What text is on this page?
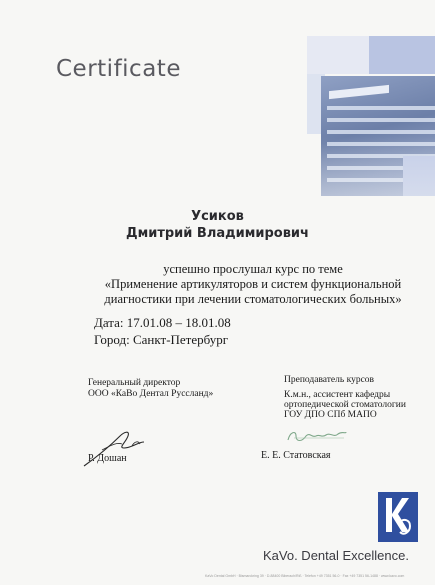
Certificate
Усиков
Дмитрий Владимирович
успешно прослушал курс по теме
«Применение артикуляторов и систем функциональной
диагностики при лечении стоматологических больных»
Дата: 17.01.08 – 18.01.08
Город: Санкт-Петербург
Генеральный директор
ООО «КаВо Дентал Руссланд»
Преподаватель курсов
К.м.н., ассистент кафедры
ортопедической стоматологии
ГОУ ДПО СПб МАПО
Р. Дошан	Е. Е. Статовская
KaVo. Dental Excellence.
KaVo Dental GmbH · Bismarckring 39 · D-88400 Biberach/Riß · Telefon +49 7351 56-0 · Fax +49 7351 56-1488 · www.kavo.com
